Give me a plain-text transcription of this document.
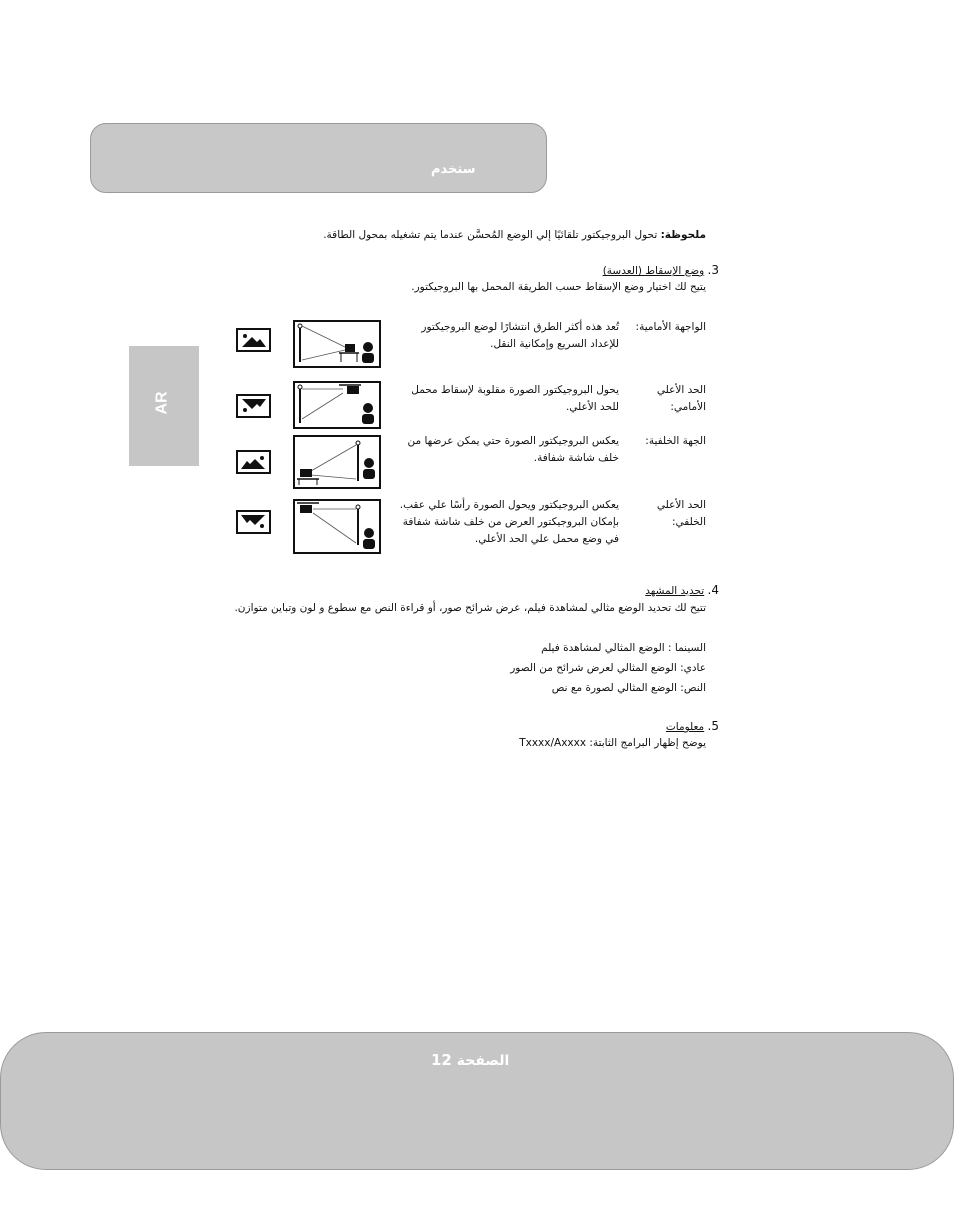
ستخدم
AR
ملحوظة: تحول البروجيكتور تلقائيًا إلي الوضع المُحسَّن عندما يتم تشغيله بمحول الطاقة.
3. وضع الإسقاط (العدسة)
يتيح لك اختيار وضع الإسقاط حسب الطريقة المحمل بها البروجيكتور.
الواجهة الأمامية:
تُعد هذه أكثر الطرق انتشارًا لوضع البروجيكتور للإعداد السريع وإمكانية النقل.
الحد الأعلي الأمامي:
يحول البروجيكتور الصورة مقلوبة لإسقاط محمل للحد الأعلي.
الجهة الخلفية:
يعكس البروجيكتور الصورة حتي يمكن عرضها من خلف شاشة شفافة.
الحد الأعلي الخلفي:
يعكس البروجيكتور ويحول الصورة رأسًا علي عقب. بإمكان البروجيكتور العرض من خلف شاشة شفافة في وضع محمل علي الحد الأعلي.
4. تحديد المشهد
تتيح لك تحديد الوضع مثالي لمشاهدة فيلم، عرض شرائح صور، أو قراءة النص مع سطوع و لون وتباين متوازن.
السينما : الوضع المثالي لمشاهدة فيلم
عادي: الوضع المثالي لعرض شرائح من الصور
النص: الوضع المثالي لصورة مع نص
5. معلومات
يوضح إظهار البرامج الثابتة: Txxxx/Axxxx
الصفحة 12
